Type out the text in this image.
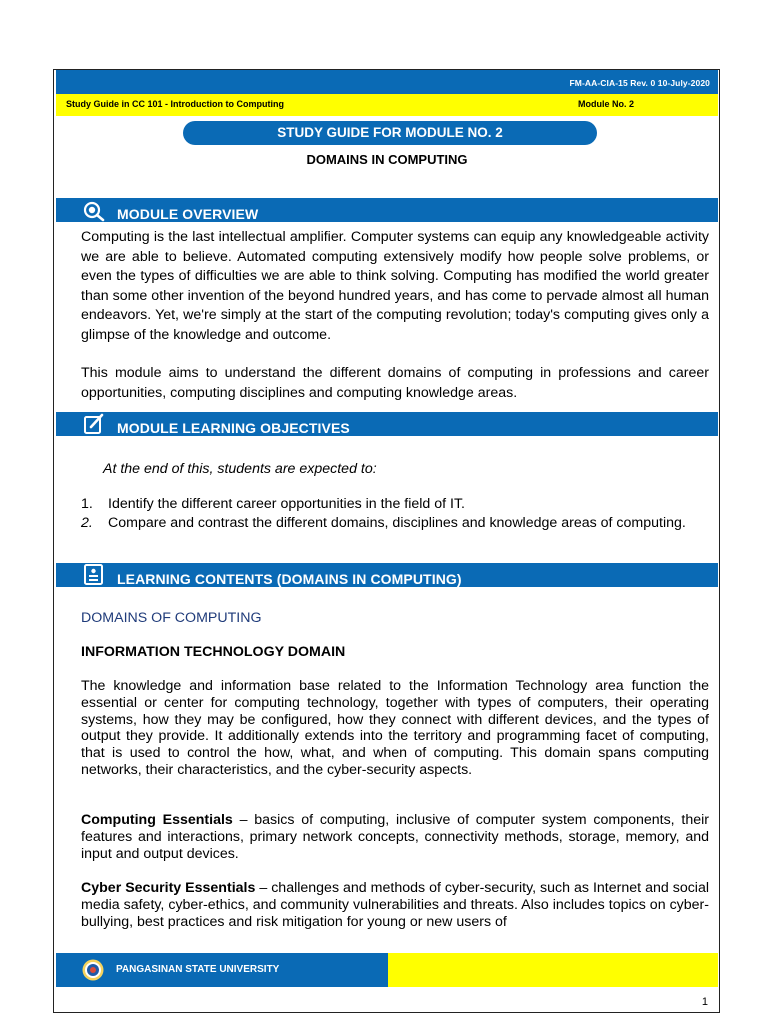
FM-AA-CIA-15 Rev. 0 10-July-2020
Study Guide in CC 101 - Introduction to Computing	Module No. 2
STUDY GUIDE FOR MODULE NO. 2
DOMAINS IN COMPUTING
MODULE OVERVIEW
Computing is the last intellectual amplifier. Computer systems can equip any knowledgeable activity we are able to believe. Automated computing extensively modify how people solve problems, or even the types of difficulties we are able to think solving. Computing has modified the world greater than some other invention of the beyond hundred years, and has come to pervade almost all human endeavors. Yet, we're simply at the start of the computing revolution; today's computing gives only a glimpse of the knowledge and outcome.
This module aims to understand the different domains of computing in professions and career opportunities, computing disciplines and computing knowledge areas.
MODULE LEARNING OBJECTIVES
At the end of this, students are expected to:
1. Identify the different career opportunities in the field of IT.
2. Compare and contrast the different domains, disciplines and knowledge areas of computing.
LEARNING CONTENTS (DOMAINS IN COMPUTING)
DOMAINS OF COMPUTING
INFORMATION TECHNOLOGY DOMAIN
The knowledge and information base related to the Information Technology area function the essential or center for computing technology, together with types of computers, their operating systems, how they may be configured, how they connect with different devices, and the types of output they provide. It additionally extends into the territory and programming facet of computing, that is used to control the how, what, and when of computing. This domain spans computing networks, their characteristics, and the cyber-security aspects.
Computing Essentials – basics of computing, inclusive of computer system components, their features and interactions, primary network concepts, connectivity methods, storage, memory, and input and output devices.
Cyber Security Essentials – challenges and methods of cyber-security, such as Internet and social media safety, cyber-ethics, and community vulnerabilities and threats. Also includes topics on cyber-bullying, best practices and risk mitigation for young or new users of
PANGASINAN STATE UNIVERSITY
1
